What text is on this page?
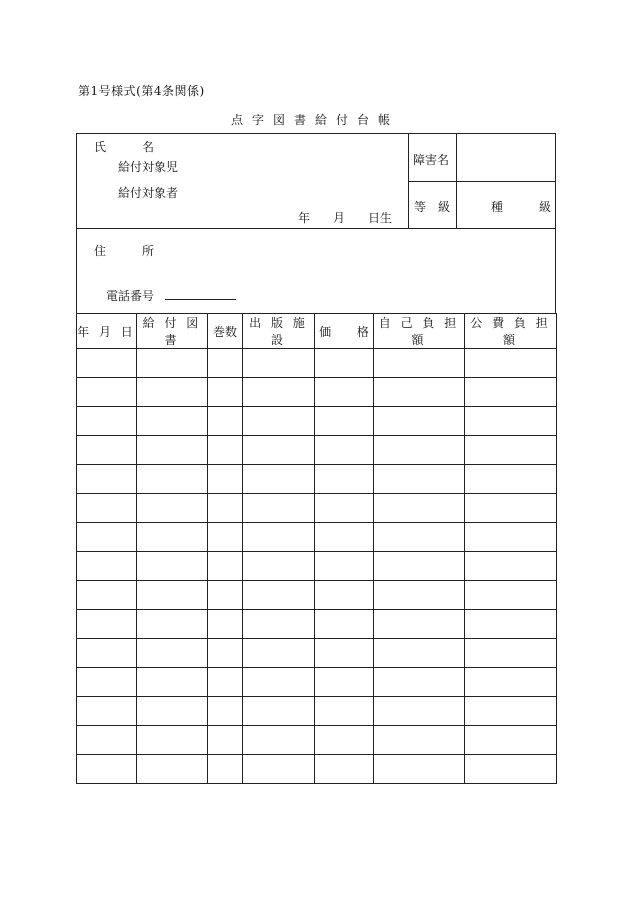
第1号様式(第4条関係)
点字図書給付台帳
氏	名
給付対象児
給付対象者
年 月 日生
障害名
等 級	種	級
住	所
電話番号
年 月 日	給 付 図 書	巻数	出 版 施 設	価 格	自 己 負 担 額	公 費 負 担 額
